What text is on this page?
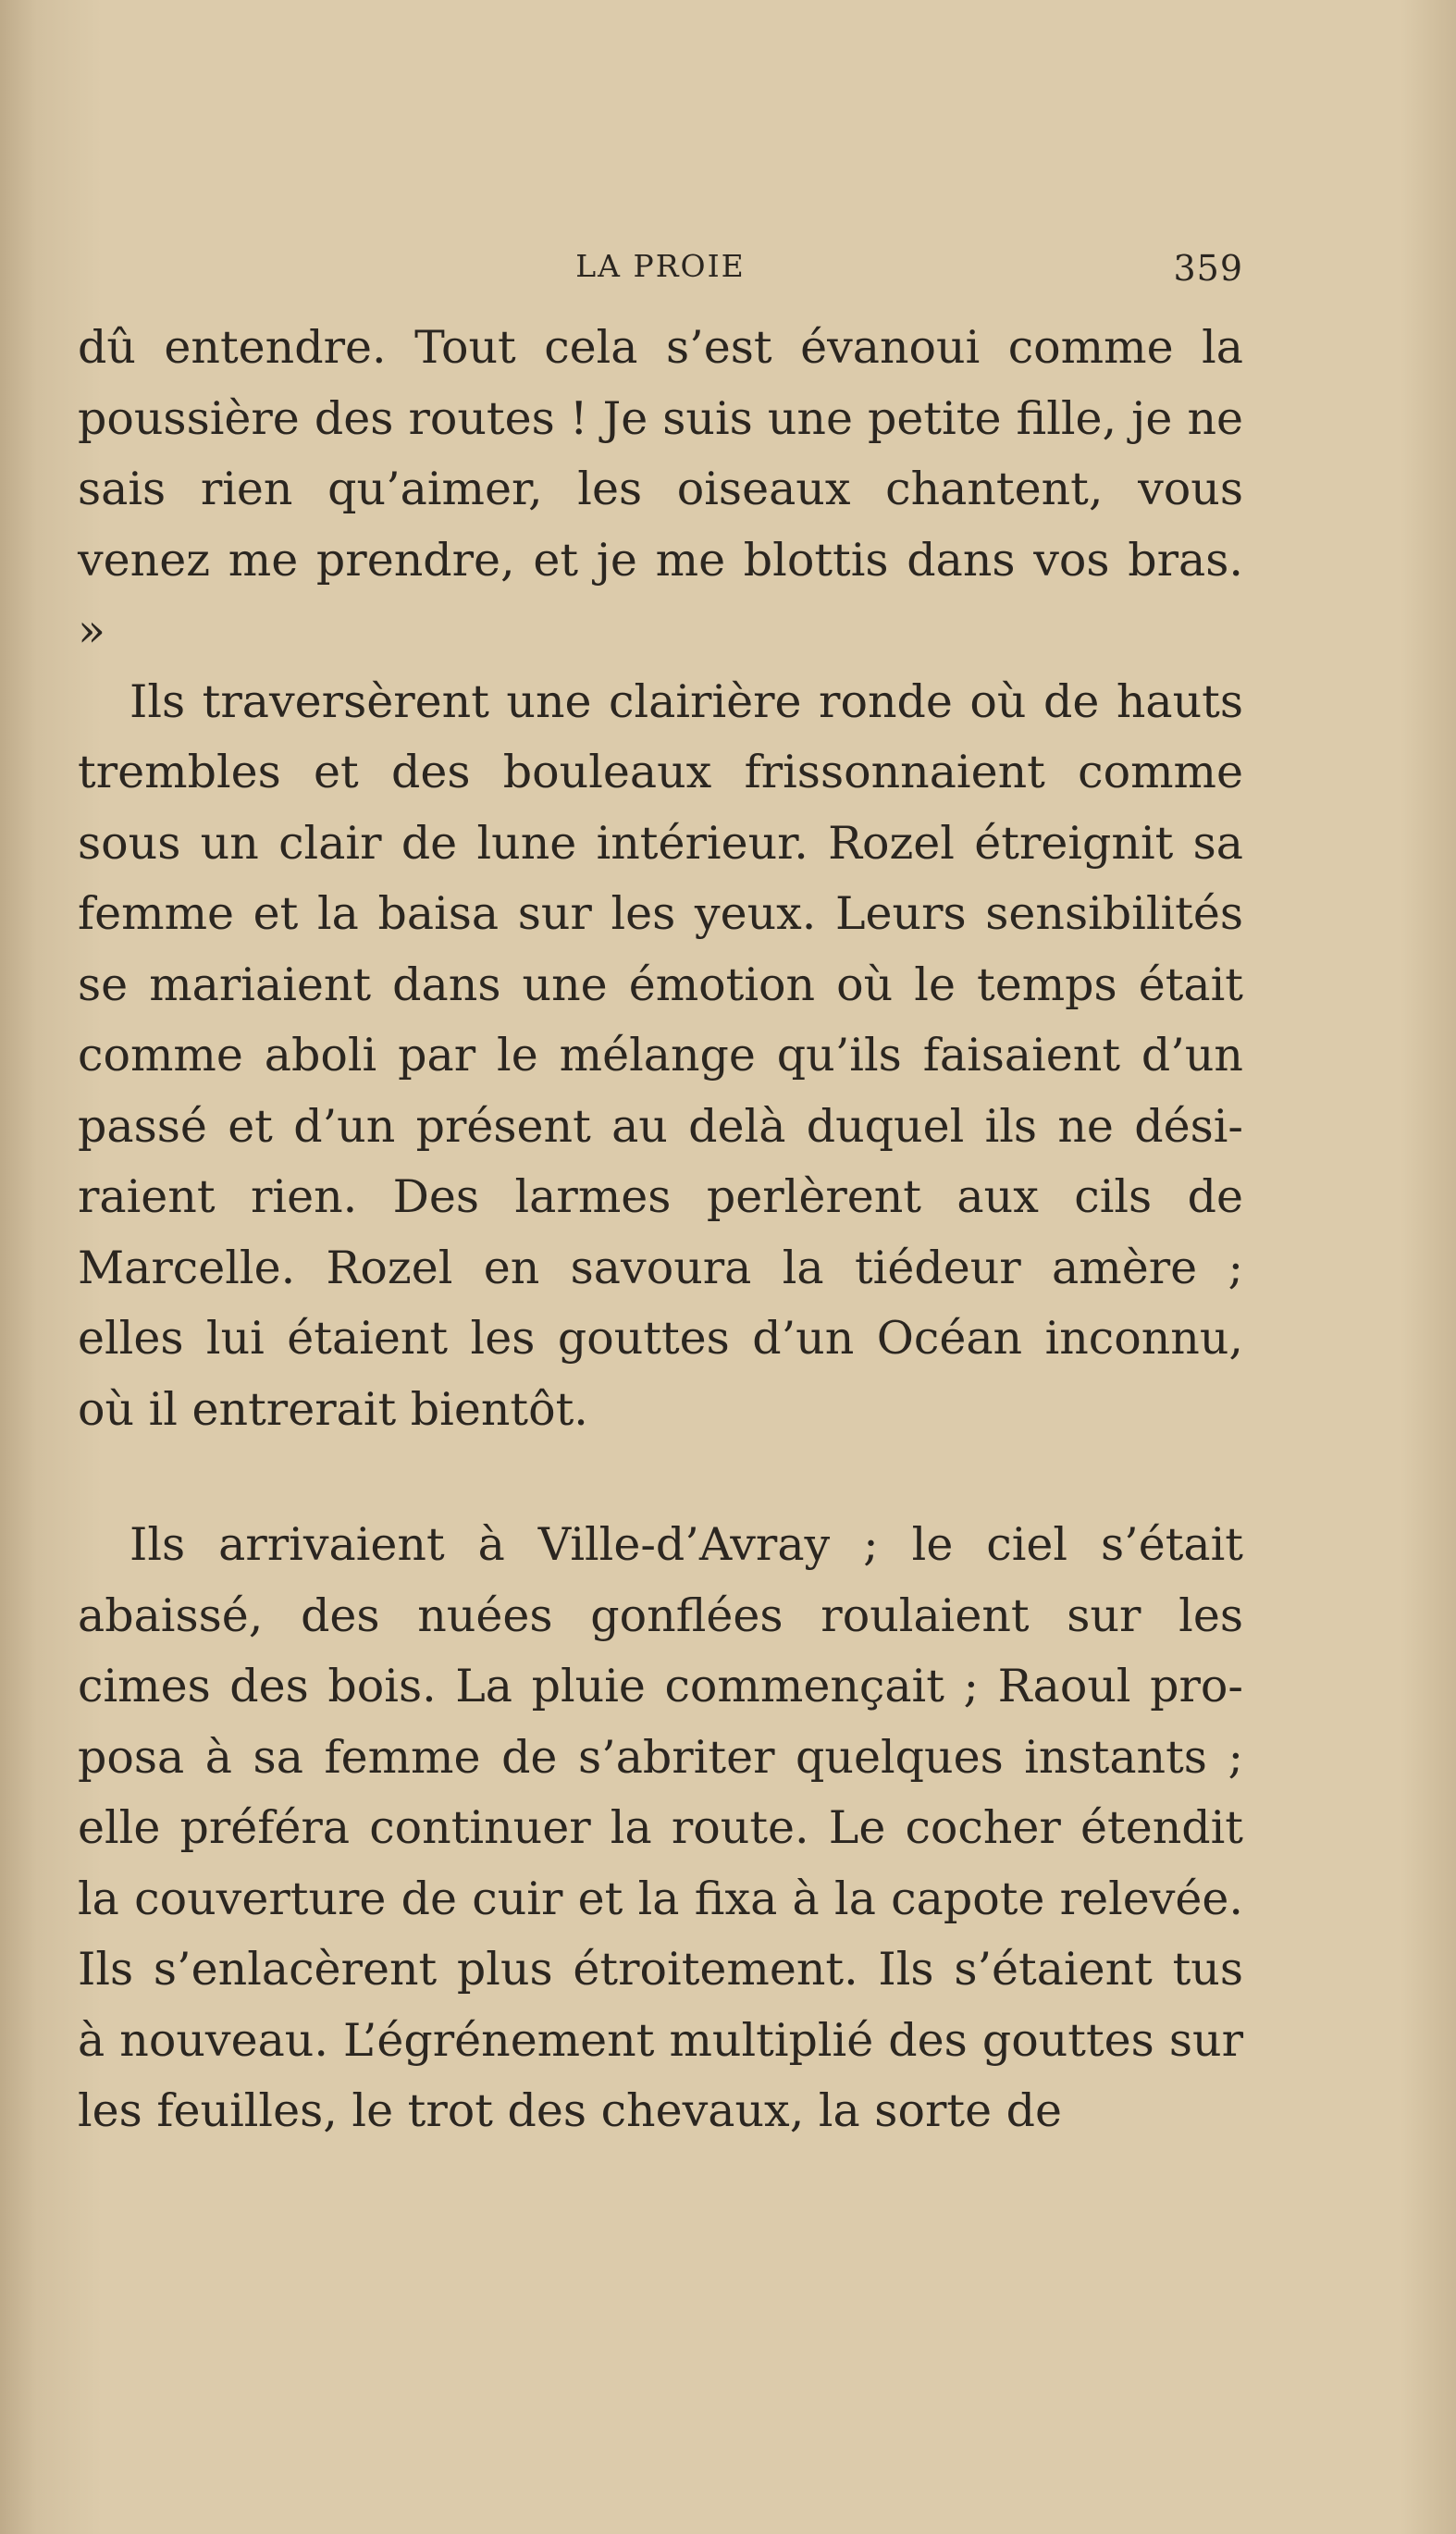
LA PROIE	359

dû entendre. Tout cela s’est évanoui comme la poussière des routes ! Je suis une petite fille, je ne sais rien qu’aimer, les oiseaux chantent, vous venez me prendre, et je me blottis dans vos bras. »

Ils traversèrent une clairière ronde où de hauts trembles et des bouleaux frissonnaient comme sous un clair de lune intérieur. Rozel étreignit sa femme et la baisa sur les yeux. Leurs sensibilités se mariaient dans une émotion où le temps était comme aboli par le mélange qu’ils faisaient d’un passé et d’un présent au delà duquel ils ne dési-raient rien. Des larmes perlèrent aux cils de Marcelle. Rozel en savoura la tiédeur amère ; elles lui étaient les gouttes d’un Océan inconnu, où il entrerait bientôt.

Ils arrivaient à Ville-d’Avray ; le ciel s’était abaissé, des nuées gonflées roulaient sur les cimes des bois. La pluie commençait ; Raoul pro-posa à sa femme de s’abriter quelques instants ; elle préféra continuer la route. Le cocher étendit la couverture de cuir et la fixa à la capote relevée. Ils s’enlacèrent plus étroitement. Ils s’étaient tus à nouveau. L’égrénement multiplié des gouttes sur les feuilles, le trot des chevaux, la sorte de
